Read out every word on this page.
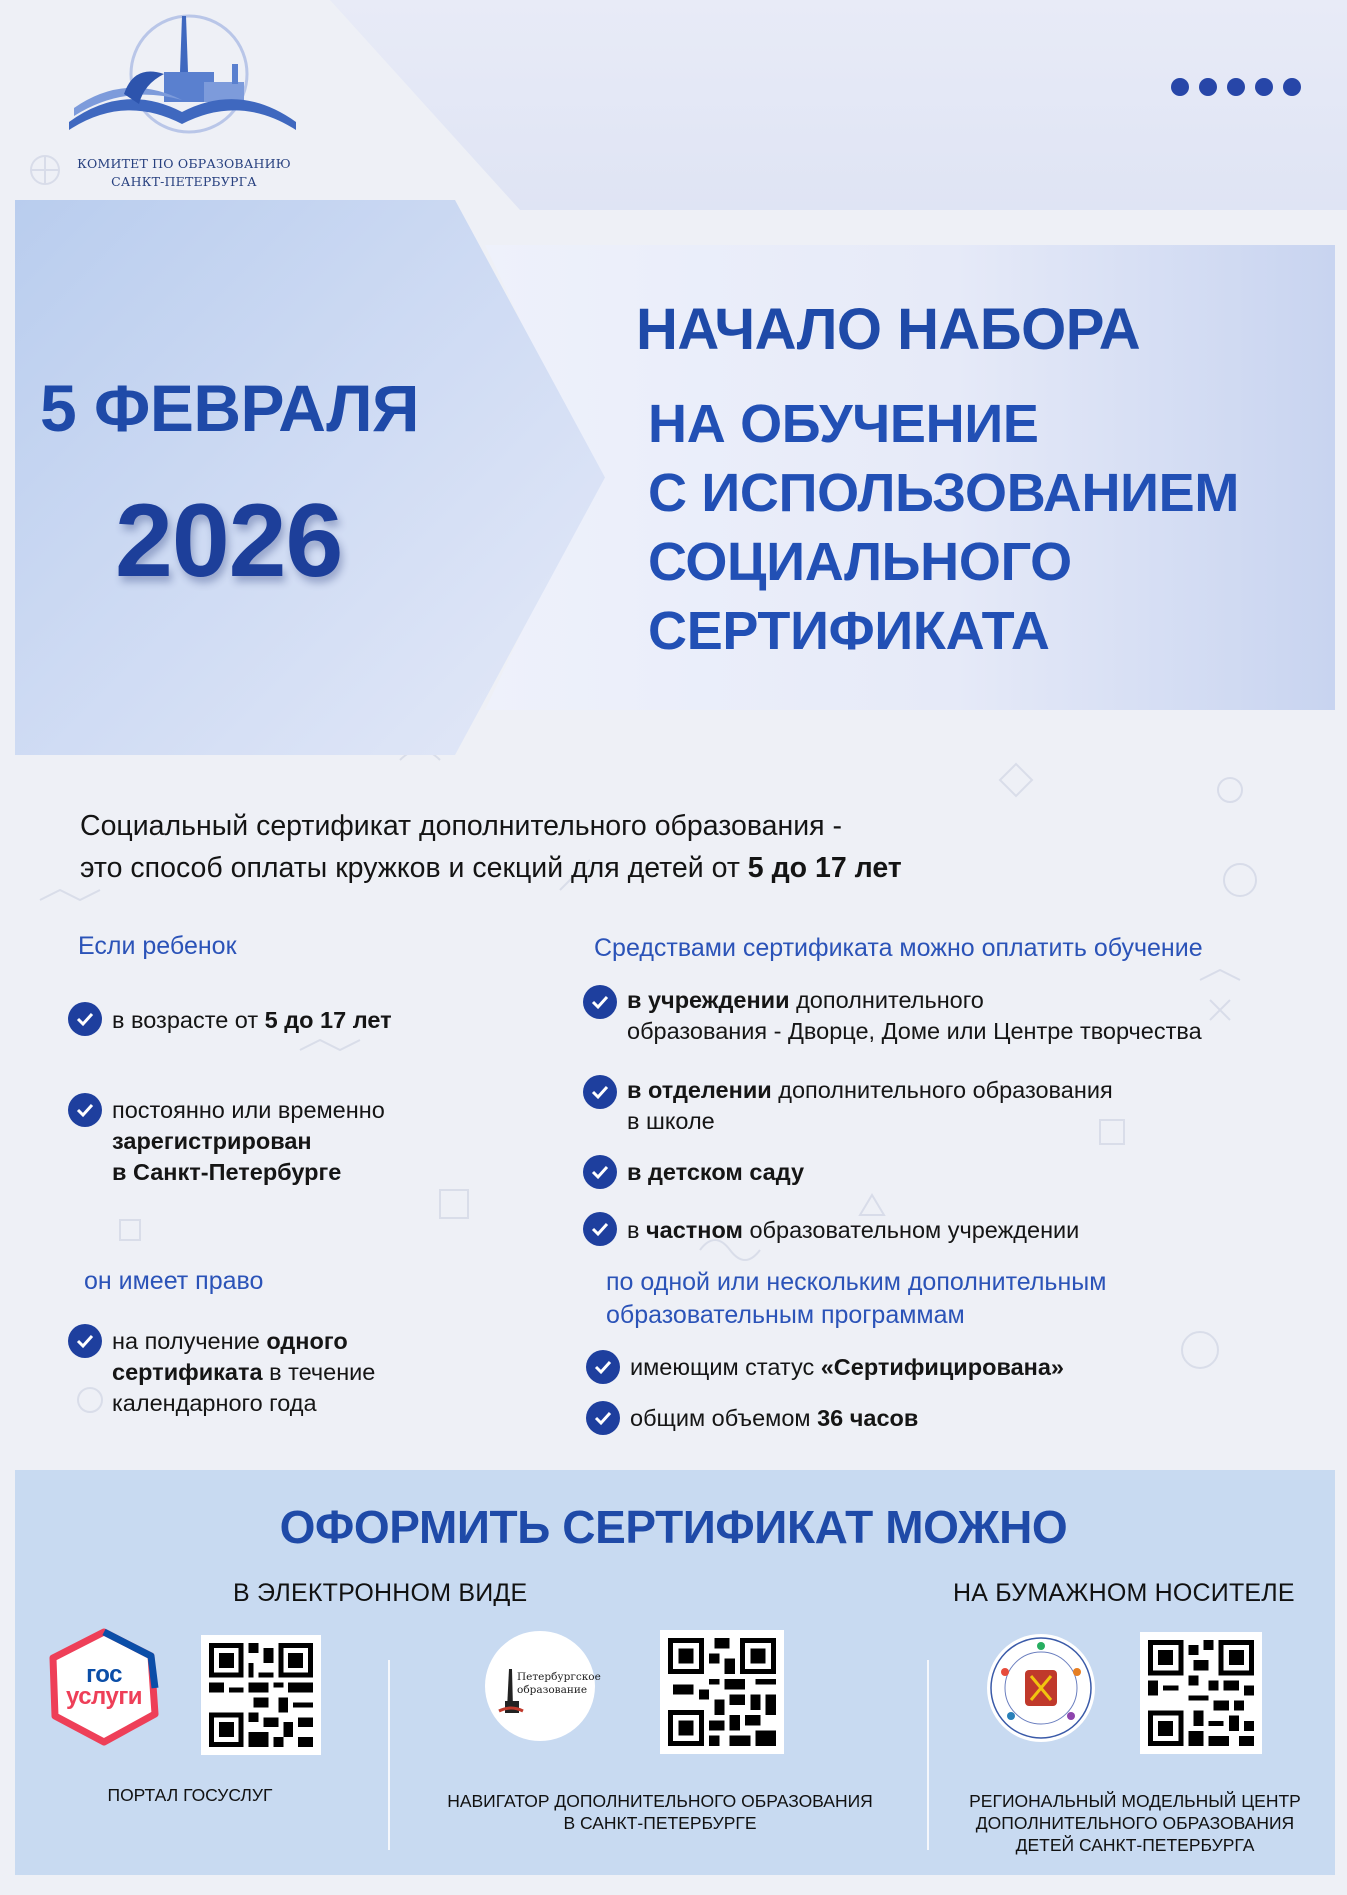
КОМИТЕТ ПО ОБРАЗОВАНИЮ
САНКТ-ПЕТЕРБУРГА
5 ФЕВРАЛЯ
2026
НАЧАЛО НАБОРА
НА ОБУЧЕНИЕ
С ИСПОЛЬЗОВАНИЕМ
СОЦИАЛЬНОГО
СЕРТИФИКАТА
Социальный сертификат дополнительного образования -
это способ оплаты кружков и секций для детей от 5 до 17 лет
Если ребенок
в возрасте от 5 до 17 лет
постоянно или временно
зарегистрирован
в Санкт-Петербурге
он имеет право
на получение одного
сертификата в течение
календарного года
Средствами сертификата можно оплатить обучение
в учреждении дополнительного
образования - Дворце, Доме или Центре творчества
в отделении дополнительного образования
в школе
в детском саду
в частном образовательном учреждении
по одной или нескольким дополнительным
образовательным программам
имеющим статус «Сертифицирована»
общим объемом 36 часов
ОФОРМИТЬ СЕРТИФИКАТ МОЖНО
В ЭЛЕКТРОННОМ ВИДЕ	НА БУМАЖНОМ НОСИТЕЛЕ
гос
услуги
ПОРТАЛ ГОСУСЛУГ
Петербургское
образование
НАВИГАТОР ДОПОЛНИТЕЛЬНОГО ОБРАЗОВАНИЯ
В САНКТ-ПЕТЕРБУРГЕ
РЕГИОНАЛЬНЫЙ МОДЕЛЬНЫЙ ЦЕНТР
ДОПОЛНИТЕЛЬНОГО ОБРАЗОВАНИЯ
ДЕТЕЙ САНКТ-ПЕТЕРБУРГА
